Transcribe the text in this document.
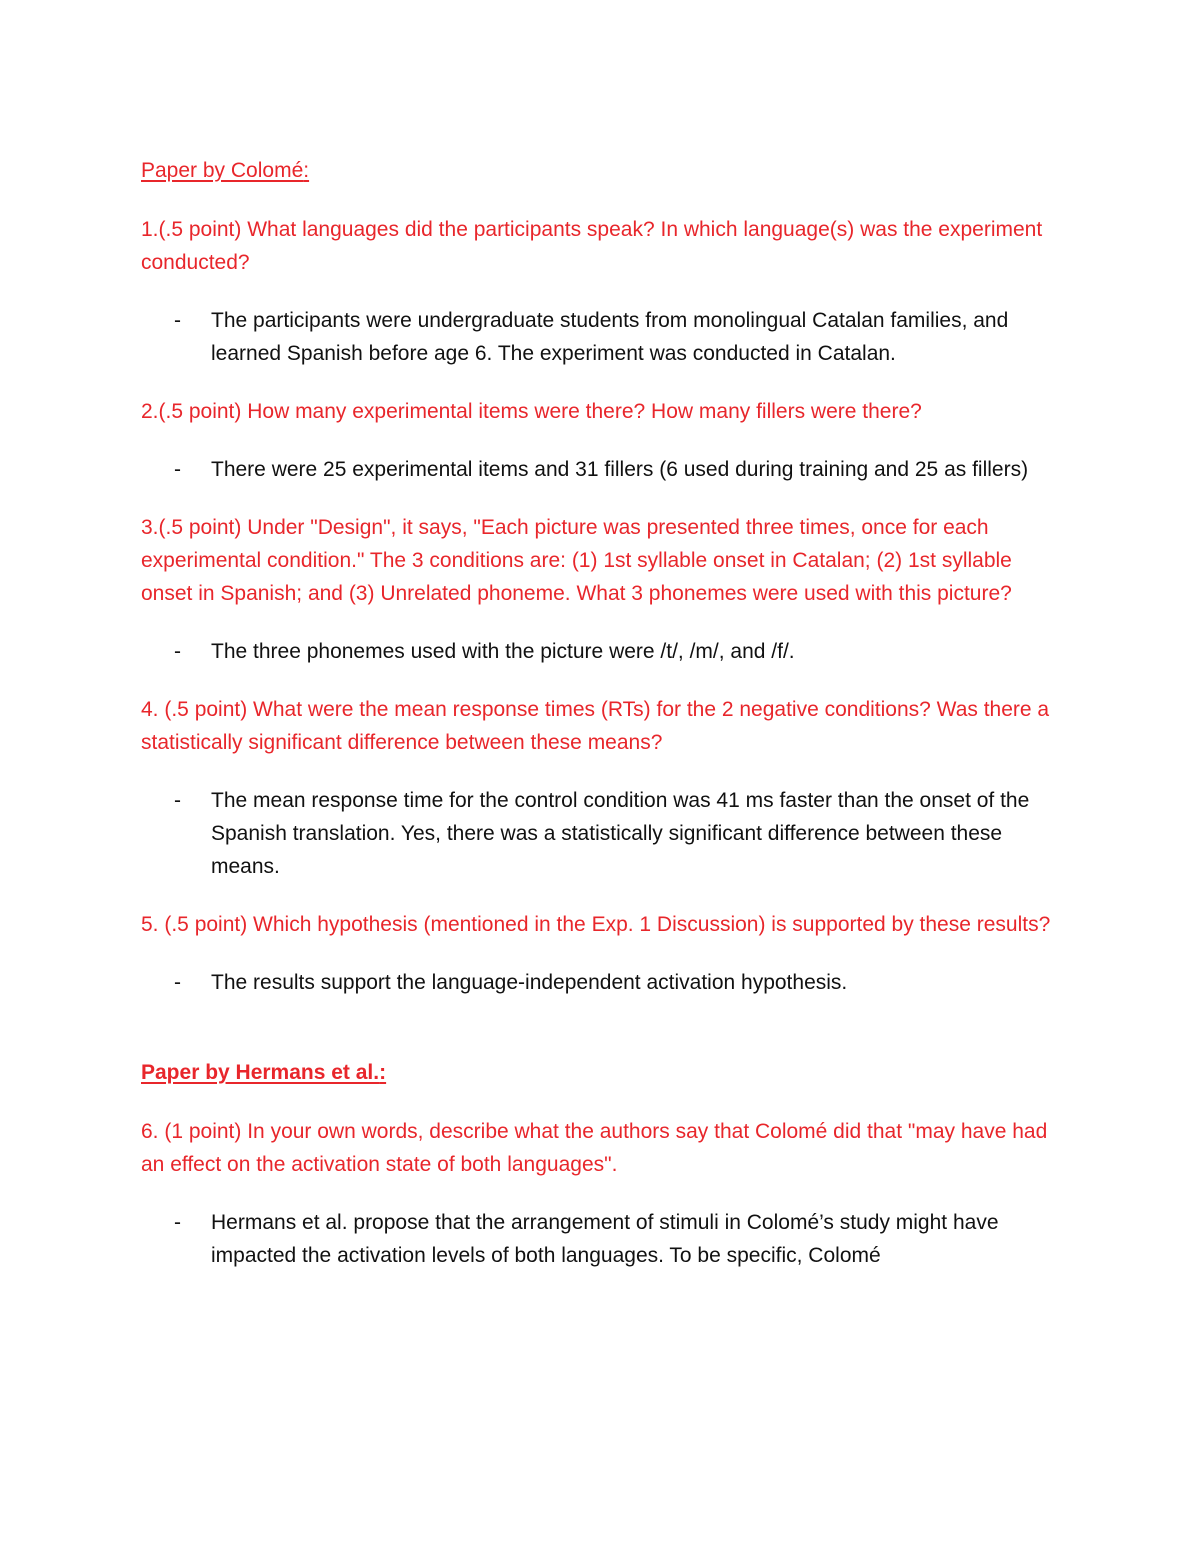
Paper by Colomé:

1.(.5 point) What languages did the participants speak? In which language(s) was the experiment conducted?

- The participants were undergraduate students from monolingual Catalan families, and learned Spanish before age 6. The experiment was conducted in Catalan.

2.(.5 point) How many experimental items were there? How many fillers were there?

- There were 25 experimental items and 31 fillers (6 used during training and 25 as fillers)

3.(.5 point) Under "Design", it says, "Each picture was presented three times, once for each experimental condition." The 3 conditions are: (1) 1st syllable onset in Catalan; (2) 1st syllable onset in Spanish; and (3) Unrelated phoneme. What 3 phonemes were used with this picture?

- The three phonemes used with the picture were /t/, /m/, and /f/.

4. (.5 point) What were the mean response times (RTs) for the 2 negative conditions? Was there a statistically significant difference between these means?

- The mean response time for the control condition was 41 ms faster than the onset of the Spanish translation. Yes, there was a statistically significant difference between these means.

5. (.5 point) Which hypothesis (mentioned in the Exp. 1 Discussion) is supported by these results?

- The results support the language-independent activation hypothesis.

Paper by Hermans et al.:

6. (1 point) In your own words, describe what the authors say that Colomé did that "may have had an effect on the activation state of both languages".

- Hermans et al. propose that the arrangement of stimuli in Colomé’s study might have impacted the activation levels of both languages. To be specific, Colomé
